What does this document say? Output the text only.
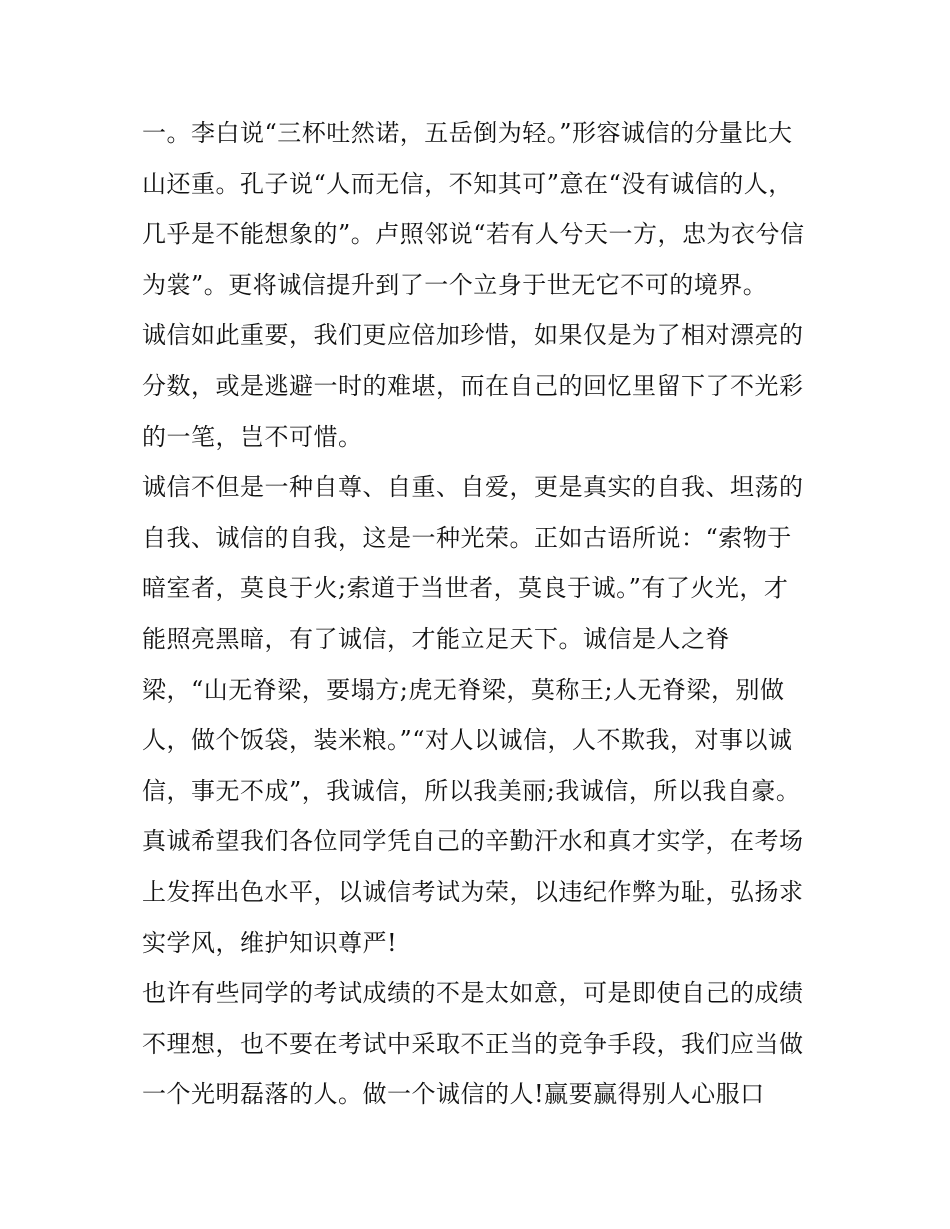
一。李白说“三杯吐然诺，五岳倒为轻。”形容诚信的分量比大
山还重。孔子说“人而无信，不知其可”意在“没有诚信的人，
几乎是不能想象的”。卢照邻说“若有人兮天一方，忠为衣兮信
为裳”。更将诚信提升到了一个立身于世无它不可的境界。
诚信如此重要，我们更应倍加珍惜，如果仅是为了相对漂亮的
分数，或是逃避一时的难堪，而在自己的回忆里留下了不光彩
的一笔，岂不可惜。
诚信不但是一种自尊、自重、自爱，更是真实的自我、坦荡的
自我、诚信的自我，这是一种光荣。正如古语所说：“索物于
暗室者，莫良于火;索道于当世者，莫良于诚。”有了火光，才
能照亮黑暗，有了诚信，才能立足天下。诚信是人之脊
梁，“山无脊梁，要塌方;虎无脊梁，莫称王;人无脊梁，别做
人，做个饭袋，装米粮。”“对人以诚信，人不欺我，对事以诚
信，事无不成”，我诚信，所以我美丽;我诚信，所以我自豪。
真诚希望我们各位同学凭自己的辛勤汗水和真才实学，在考场
上发挥出色水平，以诚信考试为荣，以违纪作弊为耻，弘扬求
实学风，维护知识尊严!
也许有些同学的考试成绩的不是太如意，可是即使自己的成绩
不理想，也不要在考试中采取不正当的竞争手段，我们应当做
一个光明磊落的人。做一个诚信的人!赢要赢得别人心服口
